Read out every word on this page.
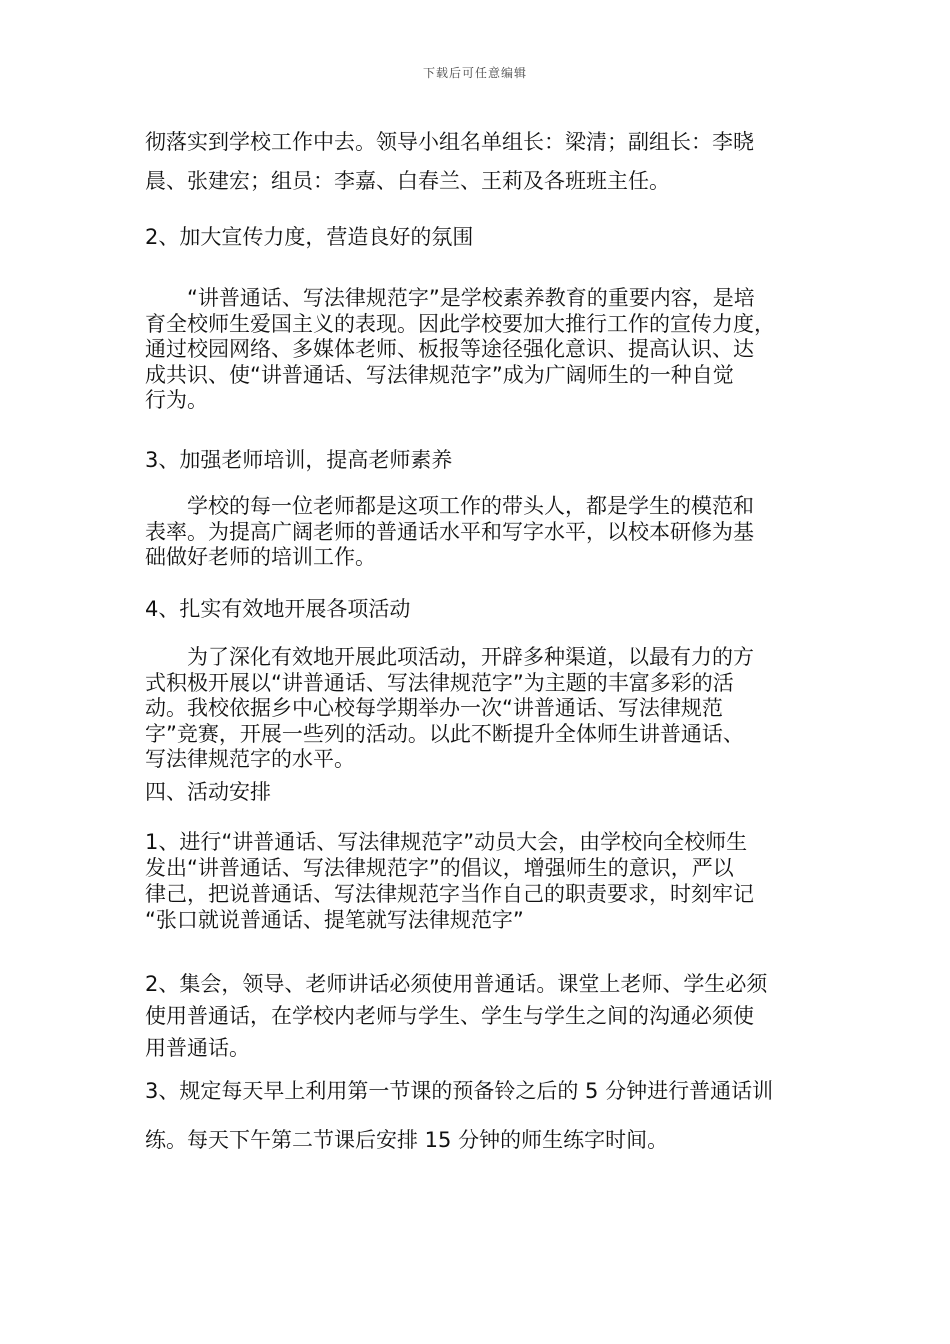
下载后可任意编辑

彻落实到学校工作中去。领导小组名单组长：梁清；副组长：李晓
晨、张建宏；组员：李嘉、白春兰、王莉及各班班主任。

2、加大宣传力度，营造良好的氛围

　　“讲普通话、写法律规范字”是学校素养教育的重要内容，是培
育全校师生爱国主义的表现。因此学校要加大推行工作的宣传力度，
通过校园网络、多媒体老师、板报等途径强化意识、提高认识、达
成共识、使“讲普通话、写法律规范字”成为广阔师生的一种自觉
行为。

3、加强老师培训，提高老师素养

　　学校的每一位老师都是这项工作的带头人，都是学生的模范和
表率。为提高广阔老师的普通话水平和写字水平，以校本研修为基
础做好老师的培训工作。

4、扎实有效地开展各项活动

　　为了深化有效地开展此项活动，开辟多种渠道，以最有力的方
式积极开展以“讲普通话、写法律规范字”为主题的丰富多彩的活
动。我校依据乡中心校每学期举办一次“讲普通话、写法律规范
字”竞赛，开展一些列的活动。以此不断提升全体师生讲普通话、
写法律规范字的水平。

四、活动安排

1、进行“讲普通话、写法律规范字”动员大会，由学校向全校师生
发出“讲普通话、写法律规范字”的倡议，增强师生的意识，严以
律己，把说普通话、写法律规范字当作自己的职责要求，时刻牢记
“张口就说普通话、提笔就写法律规范字”

2、集会，领导、老师讲话必须使用普通话。课堂上老师、学生必须
使用普通话，在学校内老师与学生、学生与学生之间的沟通必须使
用普通话。

3、规定每天早上利用第一节课的预备铃之后的 5 分钟进行普通话训

练。每天下午第二节课后安排 15 分钟的师生练字时间。
